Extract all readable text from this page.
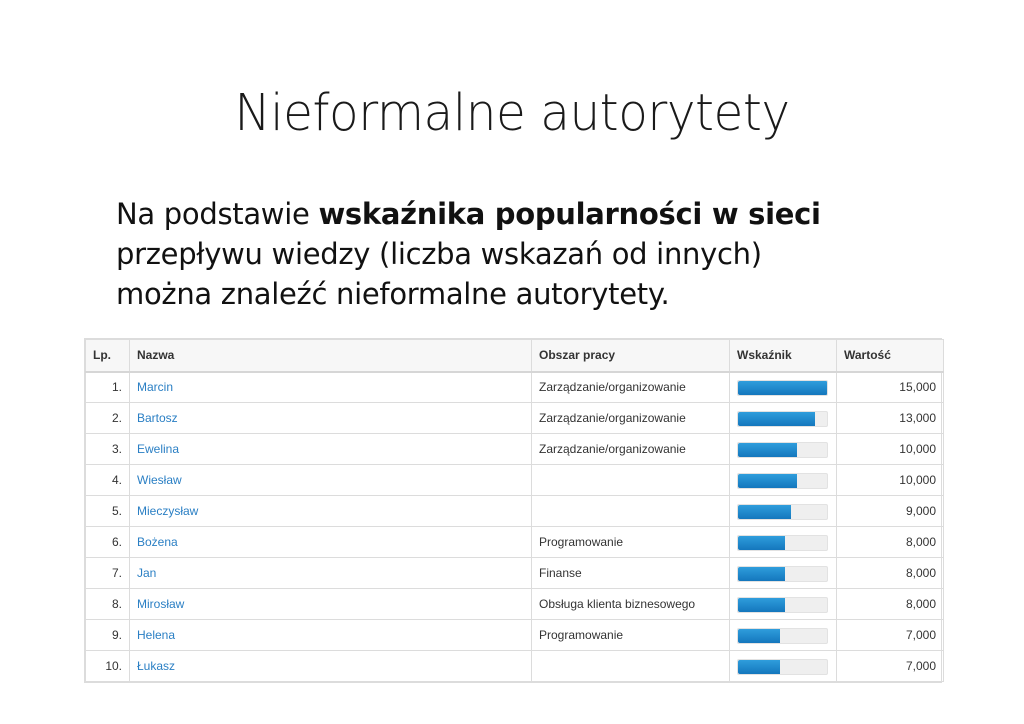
Nieformalne autorytety

Na podstawie wskaźnika popularności w sieci
przepływu wiedzy (liczba wskazań od innych)
można znaleźć nieformalne autorytety.

Lp.	Nazwa	Obszar pracy	Wskaźnik	Wartość
1.	Marcin	Zarządzanie/organizowanie		15,000
2.	Bartosz	Zarządzanie/organizowanie		13,000
3.	Ewelina	Zarządzanie/organizowanie		10,000
4.	Wiesław			10,000
5.	Mieczysław			9,000
6.	Bożena	Programowanie		8,000
7.	Jan	Finanse		8,000
8.	Mirosław	Obsługa klienta biznesowego		8,000
9.	Helena	Programowanie		7,000
10.	Łukasz			7,000
